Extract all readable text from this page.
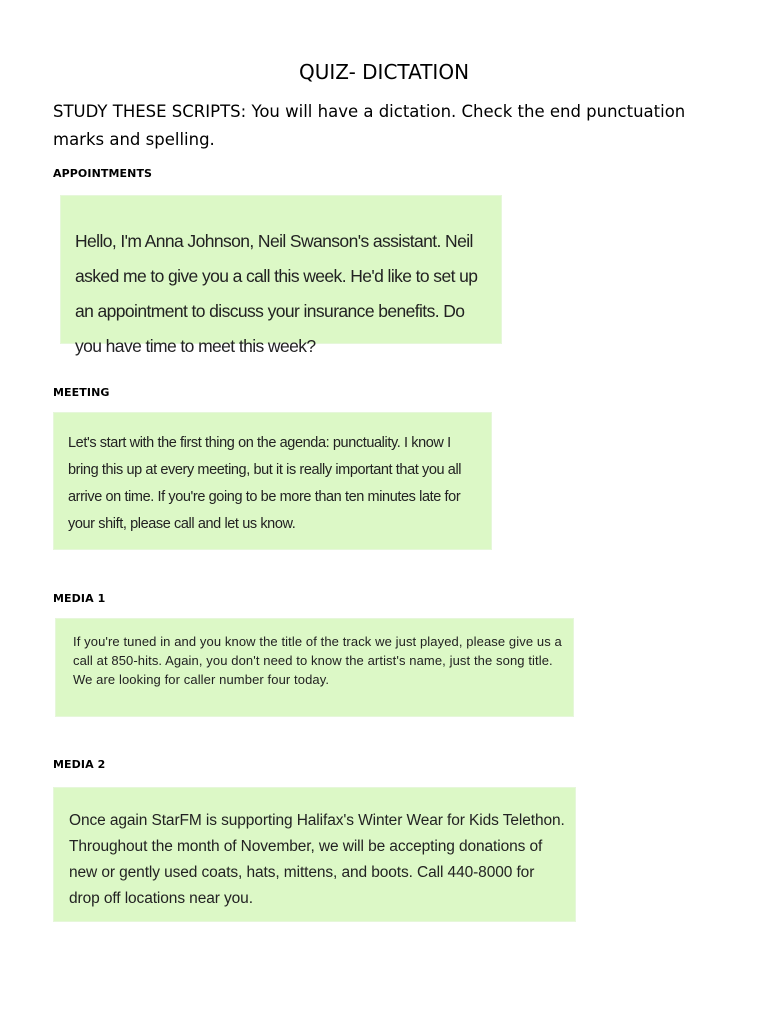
QUIZ- DICTATION
STUDY THESE SCRIPTS: You will have a dictation. Check the end punctuation marks and spelling.
APPOINTMENTS

Hello, I'm Anna Johnson, Neil Swanson's assistant. Neil asked me to give you a call this week. He'd like to set up an appointment to discuss your insurance benefits. Do you have time to meet this week?

MEETING

Let's start with the first thing on the agenda: punctuality. I know I bring this up at every meeting, but it is really important that you all arrive on time. If you're going to be more than ten minutes late for your shift, please call and let us know.

MEDIA 1

If you're tuned in and you know the title of the track we just played, please give us a call at 850-hits. Again, you don't need to know the artist's name, just the song title. We are looking for caller number four today.

MEDIA 2

Once again StarFM is supporting Halifax's Winter Wear for Kids Telethon. Throughout the month of November, we will be accepting donations of new or gently used coats, hats, mittens, and boots. Call 440-8000 for drop off locations near you.
